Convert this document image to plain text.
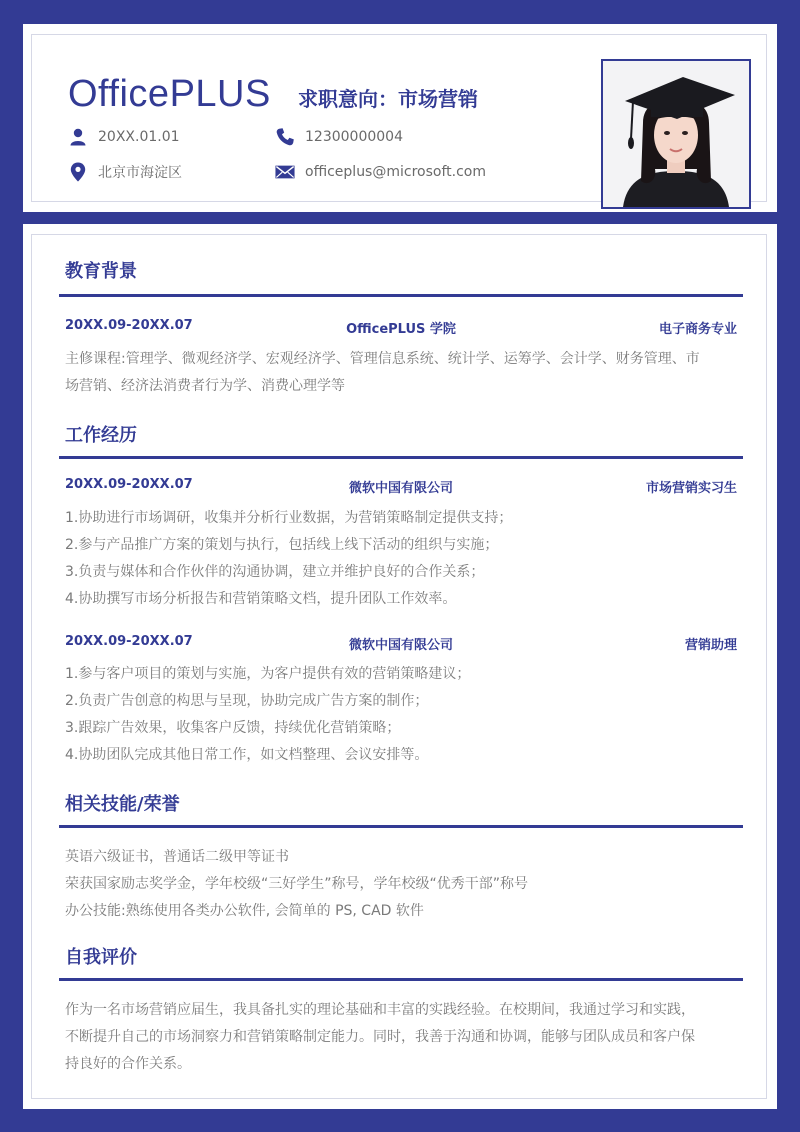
OfficePLUS 求职意向：市场营销
20XX.01.01	12300000004
北京市海淀区	officeplus@microsoft.com
教育背景
20XX.09-20XX.07	OfficePLUS 学院	电子商务专业
主修课程:管理学、微观经济学、宏观经济学、管理信息系统、统计学、运筹学、会计学、财务管理、市
场营销、经济法消费者行为学、消费心理学等
工作经历
20XX.09-20XX.07	微软中国有限公司	市场营销实习生
1.协助进行市场调研，收集并分析行业数据，为营销策略制定提供支持；
2.参与产品推广方案的策划与执行，包括线上线下活动的组织与实施；
3.负责与媒体和合作伙伴的沟通协调，建立并维护良好的合作关系；
4.协助撰写市场分析报告和营销策略文档，提升团队工作效率。
20XX.09-20XX.07	微软中国有限公司	营销助理
1.参与客户项目的策划与实施，为客户提供有效的营销策略建议；
2.负责广告创意的构思与呈现，协助完成广告方案的制作；
3.跟踪广告效果，收集客户反馈，持续优化营销策略；
4.协助团队完成其他日常工作，如文档整理、会议安排等。
相关技能/荣誉
英语六级证书，普通话二级甲等证书
荣获国家励志奖学金，学年校级“三好学生”称号，学年校级“优秀干部”称号
办公技能:熟练使用各类办公软件, 会简单的 PS, CAD 软件
自我评价
作为一名市场营销应届生，我具备扎实的理论基础和丰富的实践经验。在校期间，我通过学习和实践，
不断提升自己的市场洞察力和营销策略制定能力。同时，我善于沟通和协调，能够与团队成员和客户保
持良好的合作关系。
